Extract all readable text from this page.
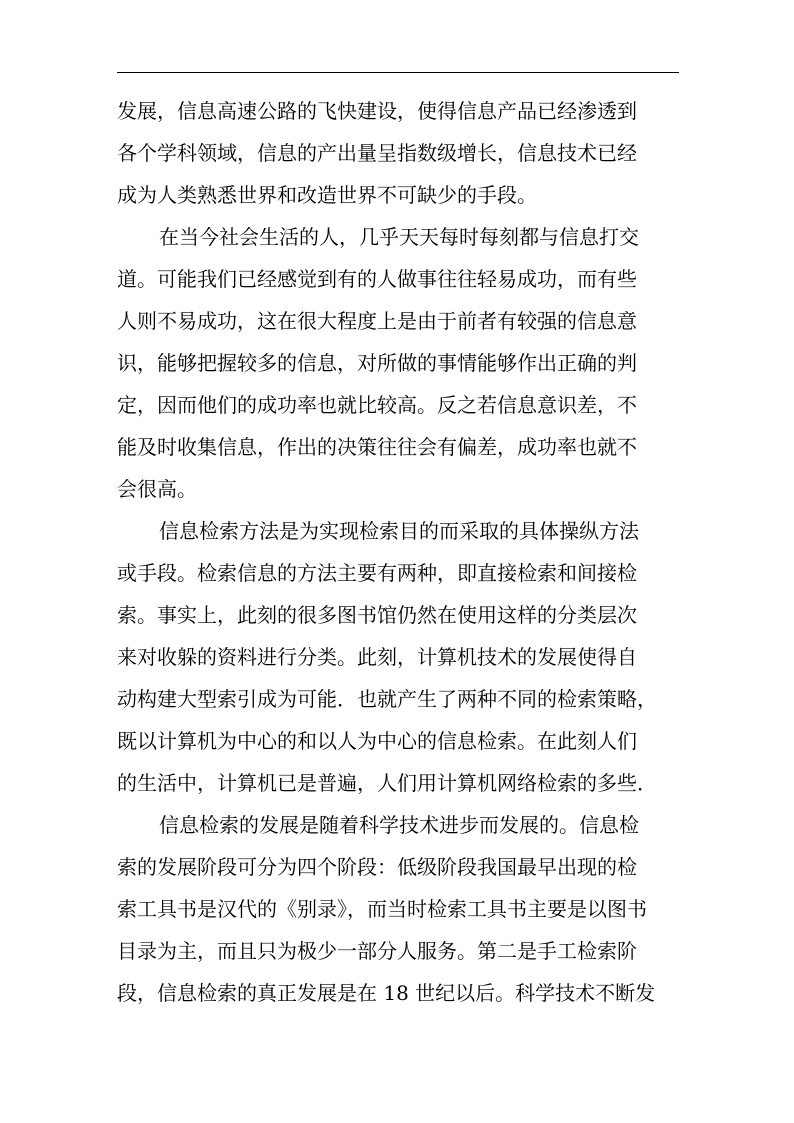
发展，信息高速公路的飞快建设，使得信息产品已经渗透到
各个学科领域，信息的产出量呈指数级增长，信息技术已经
成为人类熟悉世界和改造世界不可缺少的手段。
在当今社会生活的人，几乎天天每时每刻都与信息打交
道。可能我们已经感觉到有的人做事往往轻易成功，而有些
人则不易成功，这在很大程度上是由于前者有较强的信息意
识，能够把握较多的信息，对所做的事情能够作出正确的判
定，因而他们的成功率也就比较高。反之若信息意识差，不
能及时收集信息，作出的决策往往会有偏差，成功率也就不
会很高。
信息检索方法是为实现检索目的而采取的具体操纵方法
或手段。检索信息的方法主要有两种，即直接检索和间接检
索。事实上，此刻的很多图书馆仍然在使用这样的分类层次
来对收躲的资料进行分类。此刻，计算机技术的发展使得自
动构建大型索引成为可能．也就产生了两种不同的检索策略，
既以计算机为中心的和以人为中心的信息检索。在此刻人们
的生活中，计算机已是普遍，人们用计算机网络检索的多些．
信息检索的发展是随着科学技术进步而发展的。信息检
索的发展阶段可分为四个阶段：低级阶段我国最早出现的检
索工具书是汉代的《别录》，而当时检索工具书主要是以图书
目录为主，而且只为极少一部分人服务。第二是手工检索阶
段，信息检索的真正发展是在 18 世纪以后。科学技术不断发
